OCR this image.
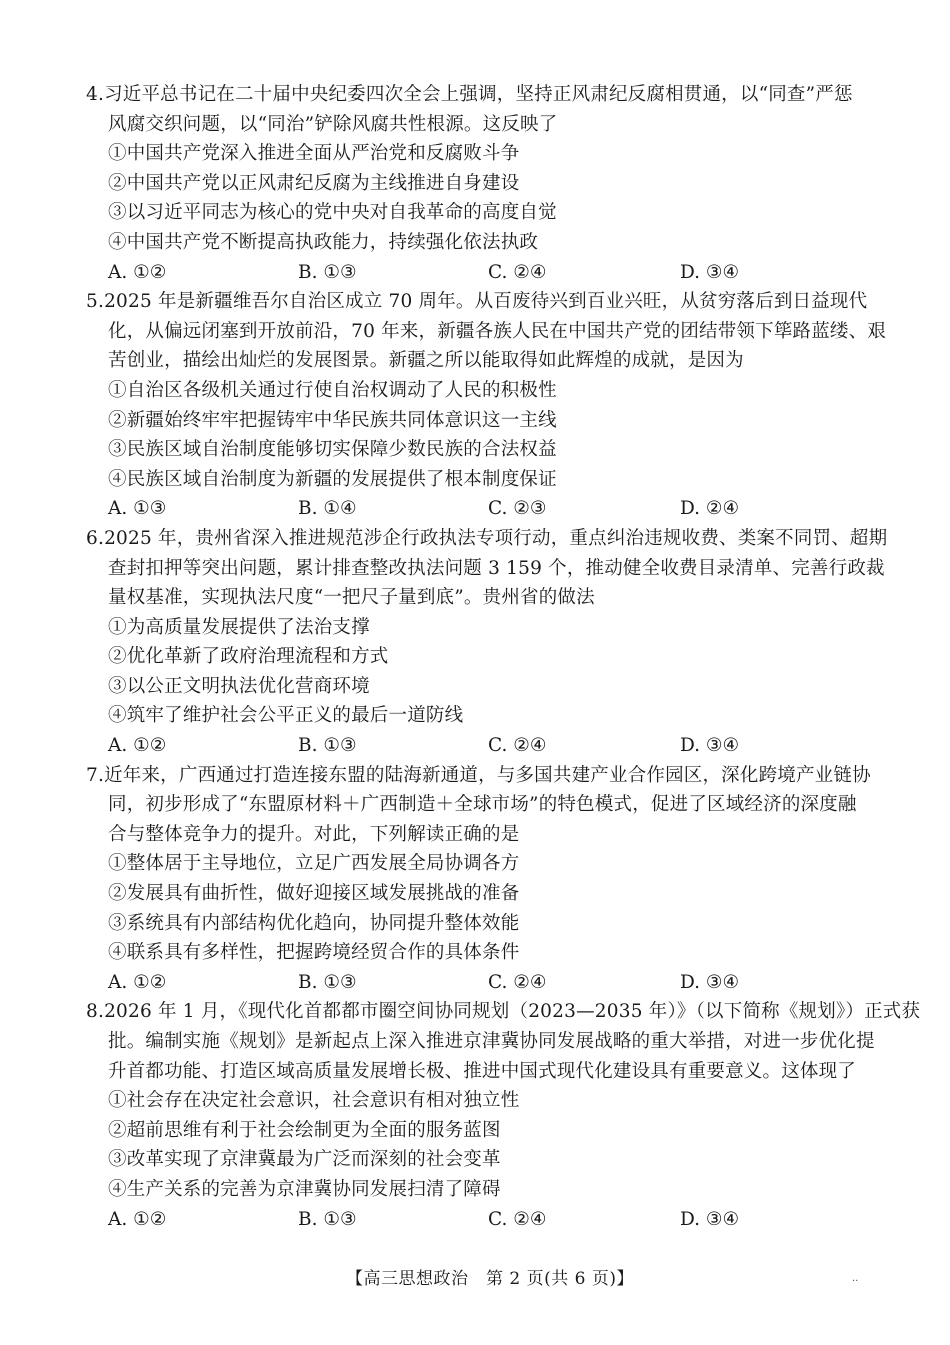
4.习近平总书记在二十届中央纪委四次全会上强调，坚持正风肃纪反腐相贯通，以“同查”严惩
风腐交织问题，以“同治”铲除风腐共性根源。这反映了
①中国共产党深入推进全面从严治党和反腐败斗争
②中国共产党以正风肃纪反腐为主线推进自身建设
③以习近平同志为核心的党中央对自我革命的高度自觉
④中国共产党不断提高执政能力，持续强化依法执政
A. ①②	B. ①③	C. ②④	D. ③④
5.2025 年是新疆维吾尔自治区成立 70 周年。从百废待兴到百业兴旺，从贫穷落后到日益现代
化，从偏远闭塞到开放前沿，70 年来，新疆各族人民在中国共产党的团结带领下筚路蓝缕、艰
苦创业，描绘出灿烂的发展图景。新疆之所以能取得如此辉煌的成就，是因为
①自治区各级机关通过行使自治权调动了人民的积极性
②新疆始终牢牢把握铸牢中华民族共同体意识这一主线
③民族区域自治制度能够切实保障少数民族的合法权益
④民族区域自治制度为新疆的发展提供了根本制度保证
A. ①③	B. ①④	C. ②③	D. ②④
6.2025 年，贵州省深入推进规范涉企行政执法专项行动，重点纠治违规收费、类案不同罚、超期
查封扣押等突出问题，累计排查整改执法问题 3 159 个，推动健全收费目录清单、完善行政裁
量权基准，实现执法尺度“一把尺子量到底”。贵州省的做法
①为高质量发展提供了法治支撑
②优化革新了政府治理流程和方式
③以公正文明执法优化营商环境
④筑牢了维护社会公平正义的最后一道防线
A. ①②	B. ①③	C. ②④	D. ③④
7.近年来，广西通过打造连接东盟的陆海新通道，与多国共建产业合作园区，深化跨境产业链协
同，初步形成了“东盟原材料＋广西制造＋全球市场”的特色模式，促进了区域经济的深度融
合与整体竞争力的提升。对此，下列解读正确的是
①整体居于主导地位，立足广西发展全局协调各方
②发展具有曲折性，做好迎接区域发展挑战的准备
③系统具有内部结构优化趋向，协同提升整体效能
④联系具有多样性，把握跨境经贸合作的具体条件
A. ①②	B. ①③	C. ②④	D. ③④
8.2026 年 1 月，《现代化首都都市圈空间协同规划（2023—2035 年）》（以下简称《规划》）正式获
批。编制实施《规划》是新起点上深入推进京津冀协同发展战略的重大举措，对进一步优化提
升首都功能、打造区域高质量发展增长极、推进中国式现代化建设具有重要意义。这体现了
①社会存在决定社会意识，社会意识有相对独立性
②超前思维有利于社会绘制更为全面的服务蓝图
③改革实现了京津冀最为广泛而深刻的社会变革
④生产关系的完善为京津冀协同发展扫清了障碍
A. ①②	B. ①③	C. ②④	D. ③④
【高三思想政治　第 2 页(共 6 页)】	··
